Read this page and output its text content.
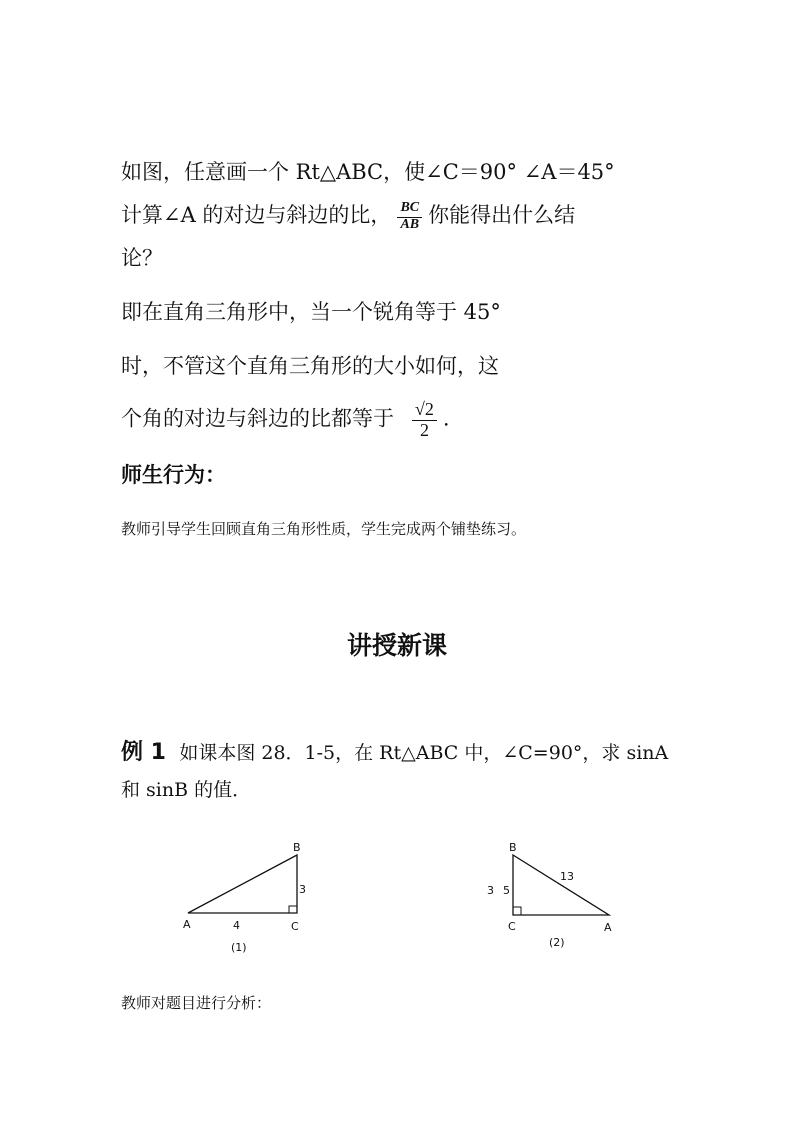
如图，任意画一个 Rt△ABC，使∠C＝90° ∠A＝45°
计算∠A 的对边与斜边的比， $\frac{BC}{AB}$ 你能得出什么结
论？
即在直角三角形中，当一个锐角等于 45°
时，不管这个直角三角形的大小如何，这
个角的对边与斜边的比都等于 $\frac{√2}{2}$ .
师生行为：
教师引导学生回顾直角三角形性质，学生完成两个铺垫练习。
讲授新课
例 1 如课本图 28．1-5，在 Rt△ABC 中，∠C=90°，求 sinA
和 sinB 的值．
A
B
C
3
4
(1)
B
C	A
3 5
13
(2)
教师对题目进行分析：
